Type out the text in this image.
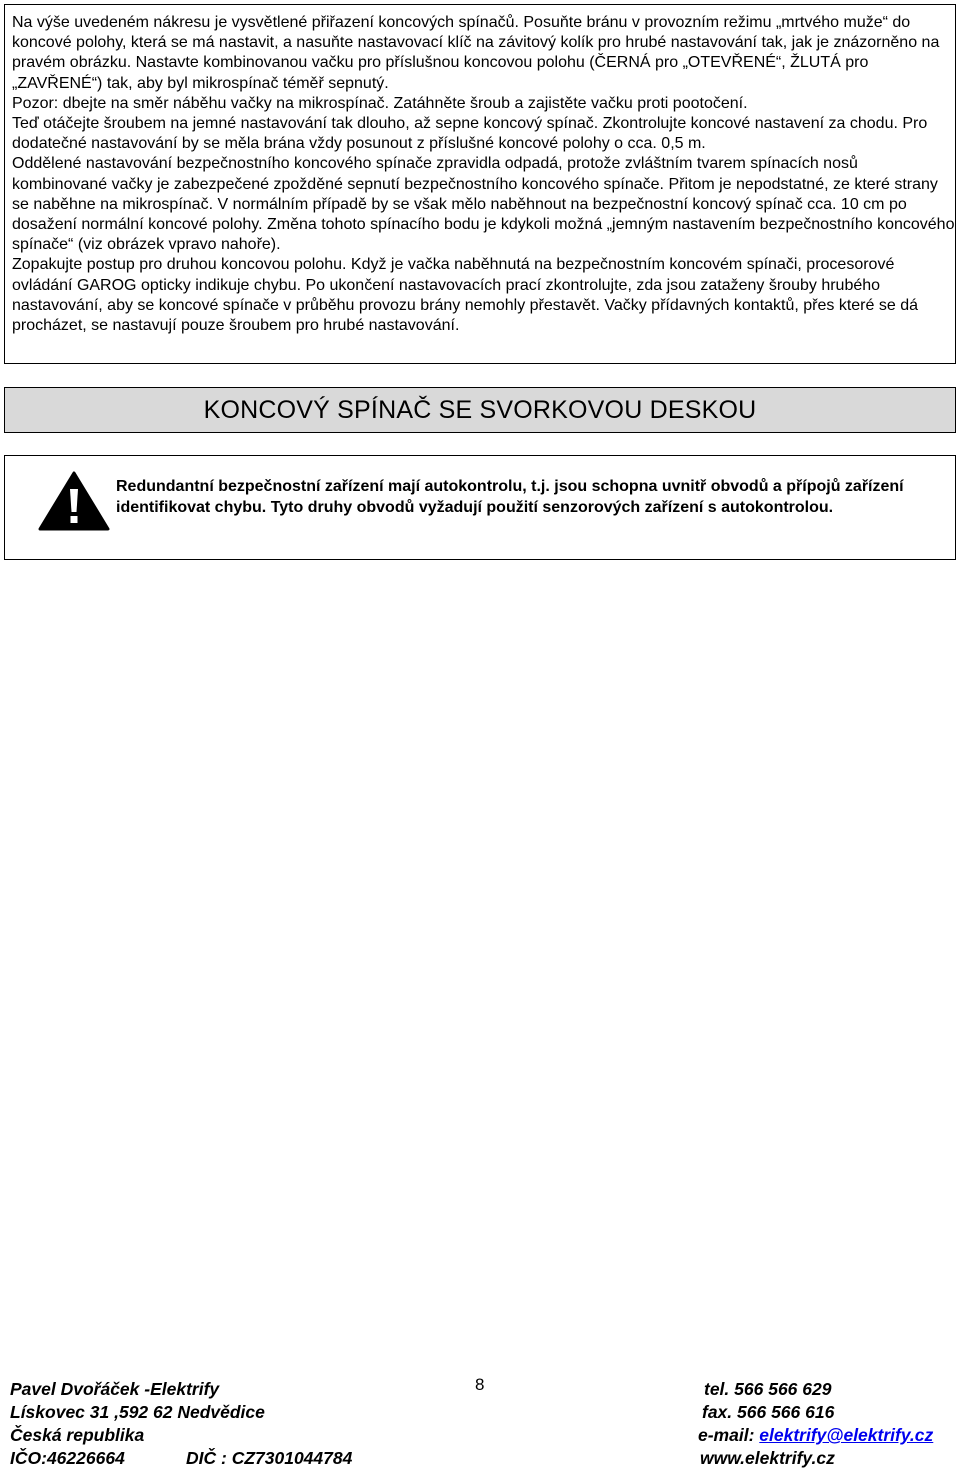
Na výše uvedeném nákresu je vysvětlené přiřazení koncových spínačů. Posuňte bránu v provozním režimu „mrtvého muže“ do koncové polohy, která se má nastavit, a nasuňte nastavovací klíč na závitový kolík pro hrubé nastavování tak, jak je znázorněno na pravém obrázku. Nastavte kombinovanou vačku pro příslušnou koncovou polohu (ČERNÁ pro „OTEVŘENÉ“, ŽLUTÁ pro „ZAVŘENÉ“) tak, aby byl mikrospínač téměř sepnutý.

Pozor: dbejte na směr náběhu vačky na mikrospínač. Zatáhněte šroub a zajistěte vačku proti pootočení.

Teď otáčejte šroubem na jemné nastavování tak dlouho, až sepne koncový spínač. Zkontrolujte koncové nastavení za chodu. Pro dodatečné nastavování by se měla brána vždy posunout z příslušné koncové polohy o cca. 0,5 m.

Oddělené nastavování bezpečnostního koncového spínače zpravidla odpadá, protože zvláštním tvarem spínacích nosů kombinované vačky je zabezpečené zpožděné sepnutí bezpečnostního koncového spínače. Přitom je nepodstatné, ze které strany se naběhne na mikrospínač. V normálním případě by se však mělo naběhnout na bezpečnostní koncový spínač cca. 10 cm po dosažení normální koncové polohy. Změna tohoto spínacího bodu je kdykoli možná „jemným nastavením bezpečnostního koncového spínače“ (viz obrázek vpravo nahoře).

Zopakujte postup pro druhou koncovou polohu. Když je vačka naběhnutá na bezpečnostním koncovém spínači, procesorové ovládání GAROG opticky indikuje chybu. Po ukončení nastavovacích prací zkontrolujte, zda jsou zataženy šrouby hrubého nastavování, aby se koncové spínače v průběhu provozu brány nemohly přestavět. Vačky přídavných kontaktů, přes které se dá procházet, se nastavují pouze šroubem pro hrubé nastavování.

KONCOVÝ SPÍNAČ SE SVORKOVOU DESKOU

Redundantní bezpečnostní zařízení mají autokontrolu, t.j. jsou schopna uvnitř obvodů a přípojů zařízení identifikovat chybu. Tyto druhy obvodů vyžadují použití senzorových zařízení s autokontrolou.

Pavel Dvořáček -Elektrify
Lískovec 31 ,592 62 Nedvědice
Česká republika
IČO:46226664	DIČ : CZ7301044784
8	tel. 566 566 629
fax. 566 566 616
e-mail: elektrify@elektrify.cz
www.elektrify.cz
